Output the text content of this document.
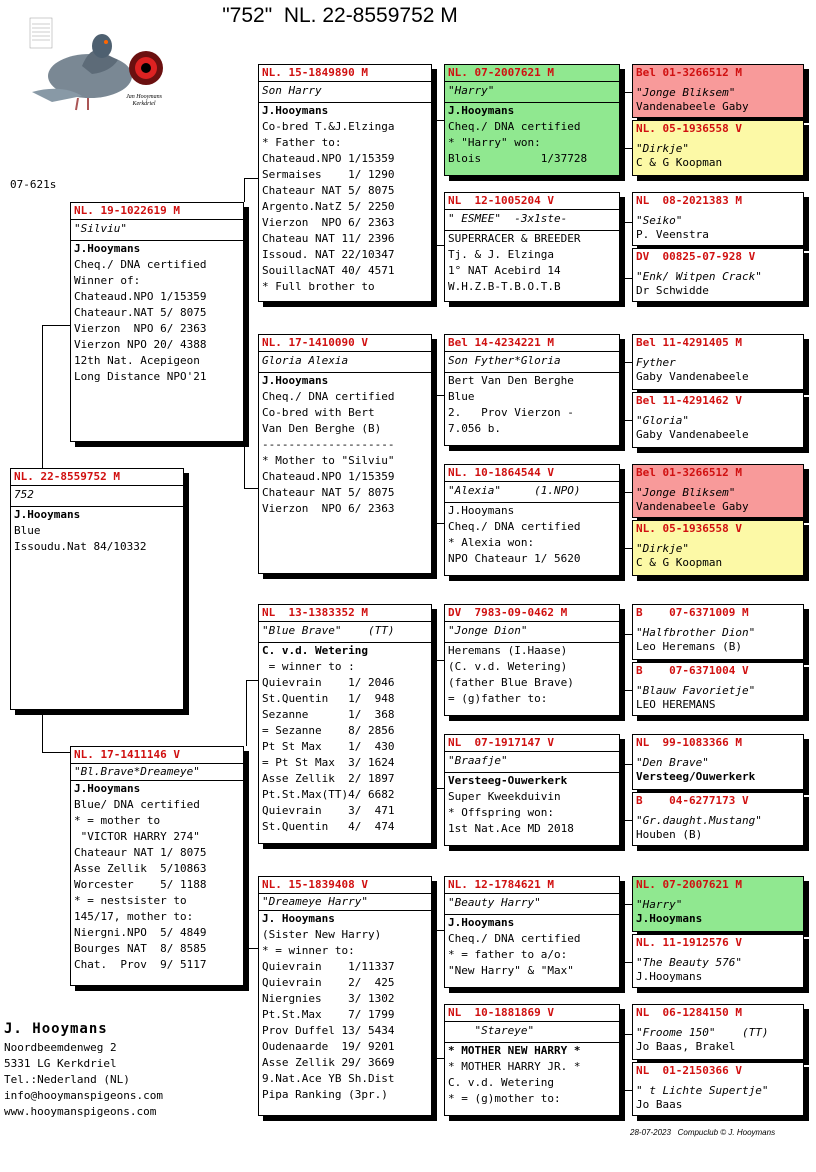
"752"  NL. 22-8559752 M
Jan Hooymans Kerkdriel
07-621s
NL. 22-8559752 M
752
J.Hooymans
Blue
Issoudu.Nat 84/10332
NL. 19-1022619 M
"Silviu"
J.Hooymans
Cheq./ DNA certified
Winner of:
Chateaud.NPO 1/15359
Chateaur.NAT 5/ 8075
Vierzon  NPO 6/ 2363
Vierzon NPO 20/ 4388
12th Nat. Acepigeon
Long Distance NPO'21
NL. 17-1411146 V
"Bl.Brave*Dreameye"
J.Hooymans
Blue/ DNA certified
* = mother to
"VICTOR HARRY 274"
Chateaur NAT 1/ 8075
Asse Zellik  5/10863
Worcester    5/ 1188
* = nestsister to
145/17, mother to:
Niergni.NPO  5/ 4849
Bourges NAT  8/ 8585
Chat.  Prov  9/ 5117
NL. 15-1849890 M
Son Harry
J.Hooymans
Co-bred T.&J.Elzinga
* Father to:
Chateaud.NPO 1/15359
Sermaises    1/ 1290
Chateaur NAT 5/ 8075
Argento.NatZ 5/ 2250
Vierzon  NPO 6/ 2363
Chateau NAT 11/ 2396
Issoud. NAT 22/10347
SouillacNAT 40/ 4571
* Full brother to
NL. 17-1410090 V
Gloria Alexia
J.Hooymans
Cheq./ DNA certified
Co-bred with Bert
Van Den Berghe (B)
--------------------
* Mother to "Silviu"
Chateaud.NPO 1/15359
Chateaur NAT 5/ 8075
Vierzon  NPO 6/ 2363
NL  13-1383352 M
"Blue Brave"    (TT)
C. v.d. Wetering
= winner to :
Quievrain    1/ 2046
St.Quentin   1/  948
Sezanne      1/  368
= Sezanne    8/ 2856
Pt St Max    1/  430
= Pt St Max  3/ 1624
Asse Zellik  2/ 1897
Pt.St.Max(TT)4/ 6682
Quievrain    3/  471
St.Quentin   4/  474
NL. 15-1839408 V
"Dreameye Harry"
J. Hooymans
(Sister New Harry)
* = winner to:
Quievrain    1/11337
Quievrain    2/  425
Niergnies    3/ 1302
Pt.St.Max    7/ 1799
Prov Duffel 13/ 5434
Oudenaarde  19/ 9201
Asse Zellik 29/ 3669
9.Nat.Ace YB Sh.Dist
Pipa Ranking (3pr.)
NL. 07-2007621 M
"Harry"
J.Hooymans
Cheq./ DNA certified
* "Harry" won:
Blois         1/37728
NL  12-1005204 V
" ESMEE"  -3x1ste-
SUPERRACER & BREEDER
Tj. & J. Elzinga
1° NAT Acebird 14
W.H.Z.B-T.B.O.T.B
Bel 14-4234221 M
Son Fyther*Gloria
Bert Van Den Berghe
Blue
2.   Prov Vierzon -
7.056 b.
NL. 10-1864544 V
"Alexia"     (1.NPO)
J.Hooymans
Cheq./ DNA certified
* Alexia won:
NPO Chateaur 1/ 5620
DV  7983-09-0462 M
"Jonge Dion"
Heremans (I.Haase)
(C. v.d. Wetering)
(father Blue Brave)
= (g)father to:
NL  07-1917147 V
"Braafje"
Versteeg-Ouwerkerk
Super Kweekduivin
* Offspring won:
1st Nat.Ace MD 2018
NL. 12-1784621 M
"Beauty Harry"
J.Hooymans
Cheq./ DNA certified
* = father to a/o:
"New Harry" & "Max"
NL  10-1881869 V
"Stareye"
* MOTHER NEW HARRY *
* MOTHER HARRY JR. *
C. v.d. Wetering
* = (g)mother to:
Bel 01-3266512 M
"Jonge Bliksem"
Vandenabeele Gaby
NL. 05-1936558 V
"Dirkje"
C & G Koopman
NL  08-2021383 M
"Seiko"
P. Veenstra
DV  00825-07-928 V
"Enk/ Witpen Crack"
Dr Schwidde
Bel 11-4291405 M
Fyther
Gaby Vandenabeele
Bel 11-4291462 V
"Gloria"
Gaby Vandenabeele
Bel 01-3266512 M
"Jonge Bliksem"
Vandenabeele Gaby
NL. 05-1936558 V
"Dirkje"
C & G Koopman
B    07-6371009 M
"Halfbrother Dion"
Leo Heremans (B)
B    07-6371004 V
"Blauw Favorietje"
LEO HEREMANS
NL  99-1083366 M
"Den Brave"
Versteeg/Ouwerkerk
B    04-6277173 V
"Gr.daught.Mustang"
Houben (B)
NL. 07-2007621 M
"Harry"
J.Hooymans
NL. 11-1912576 V
"The Beauty 576"
J.Hooymans
NL  06-1284150 M
"Froome 150"    (TT)
Jo Baas, Brakel
NL  01-2150366 V
" t Lichte Supertje"
Jo Baas
J. Hooymans
Noordbeemdenweg 2
5331 LG Kerkdriel
Tel.:Nederland (NL)
info@hooymanspigeons.com
www.hooymanspigeons.com
28-07-2023   Compuclub © J. Hooymans
